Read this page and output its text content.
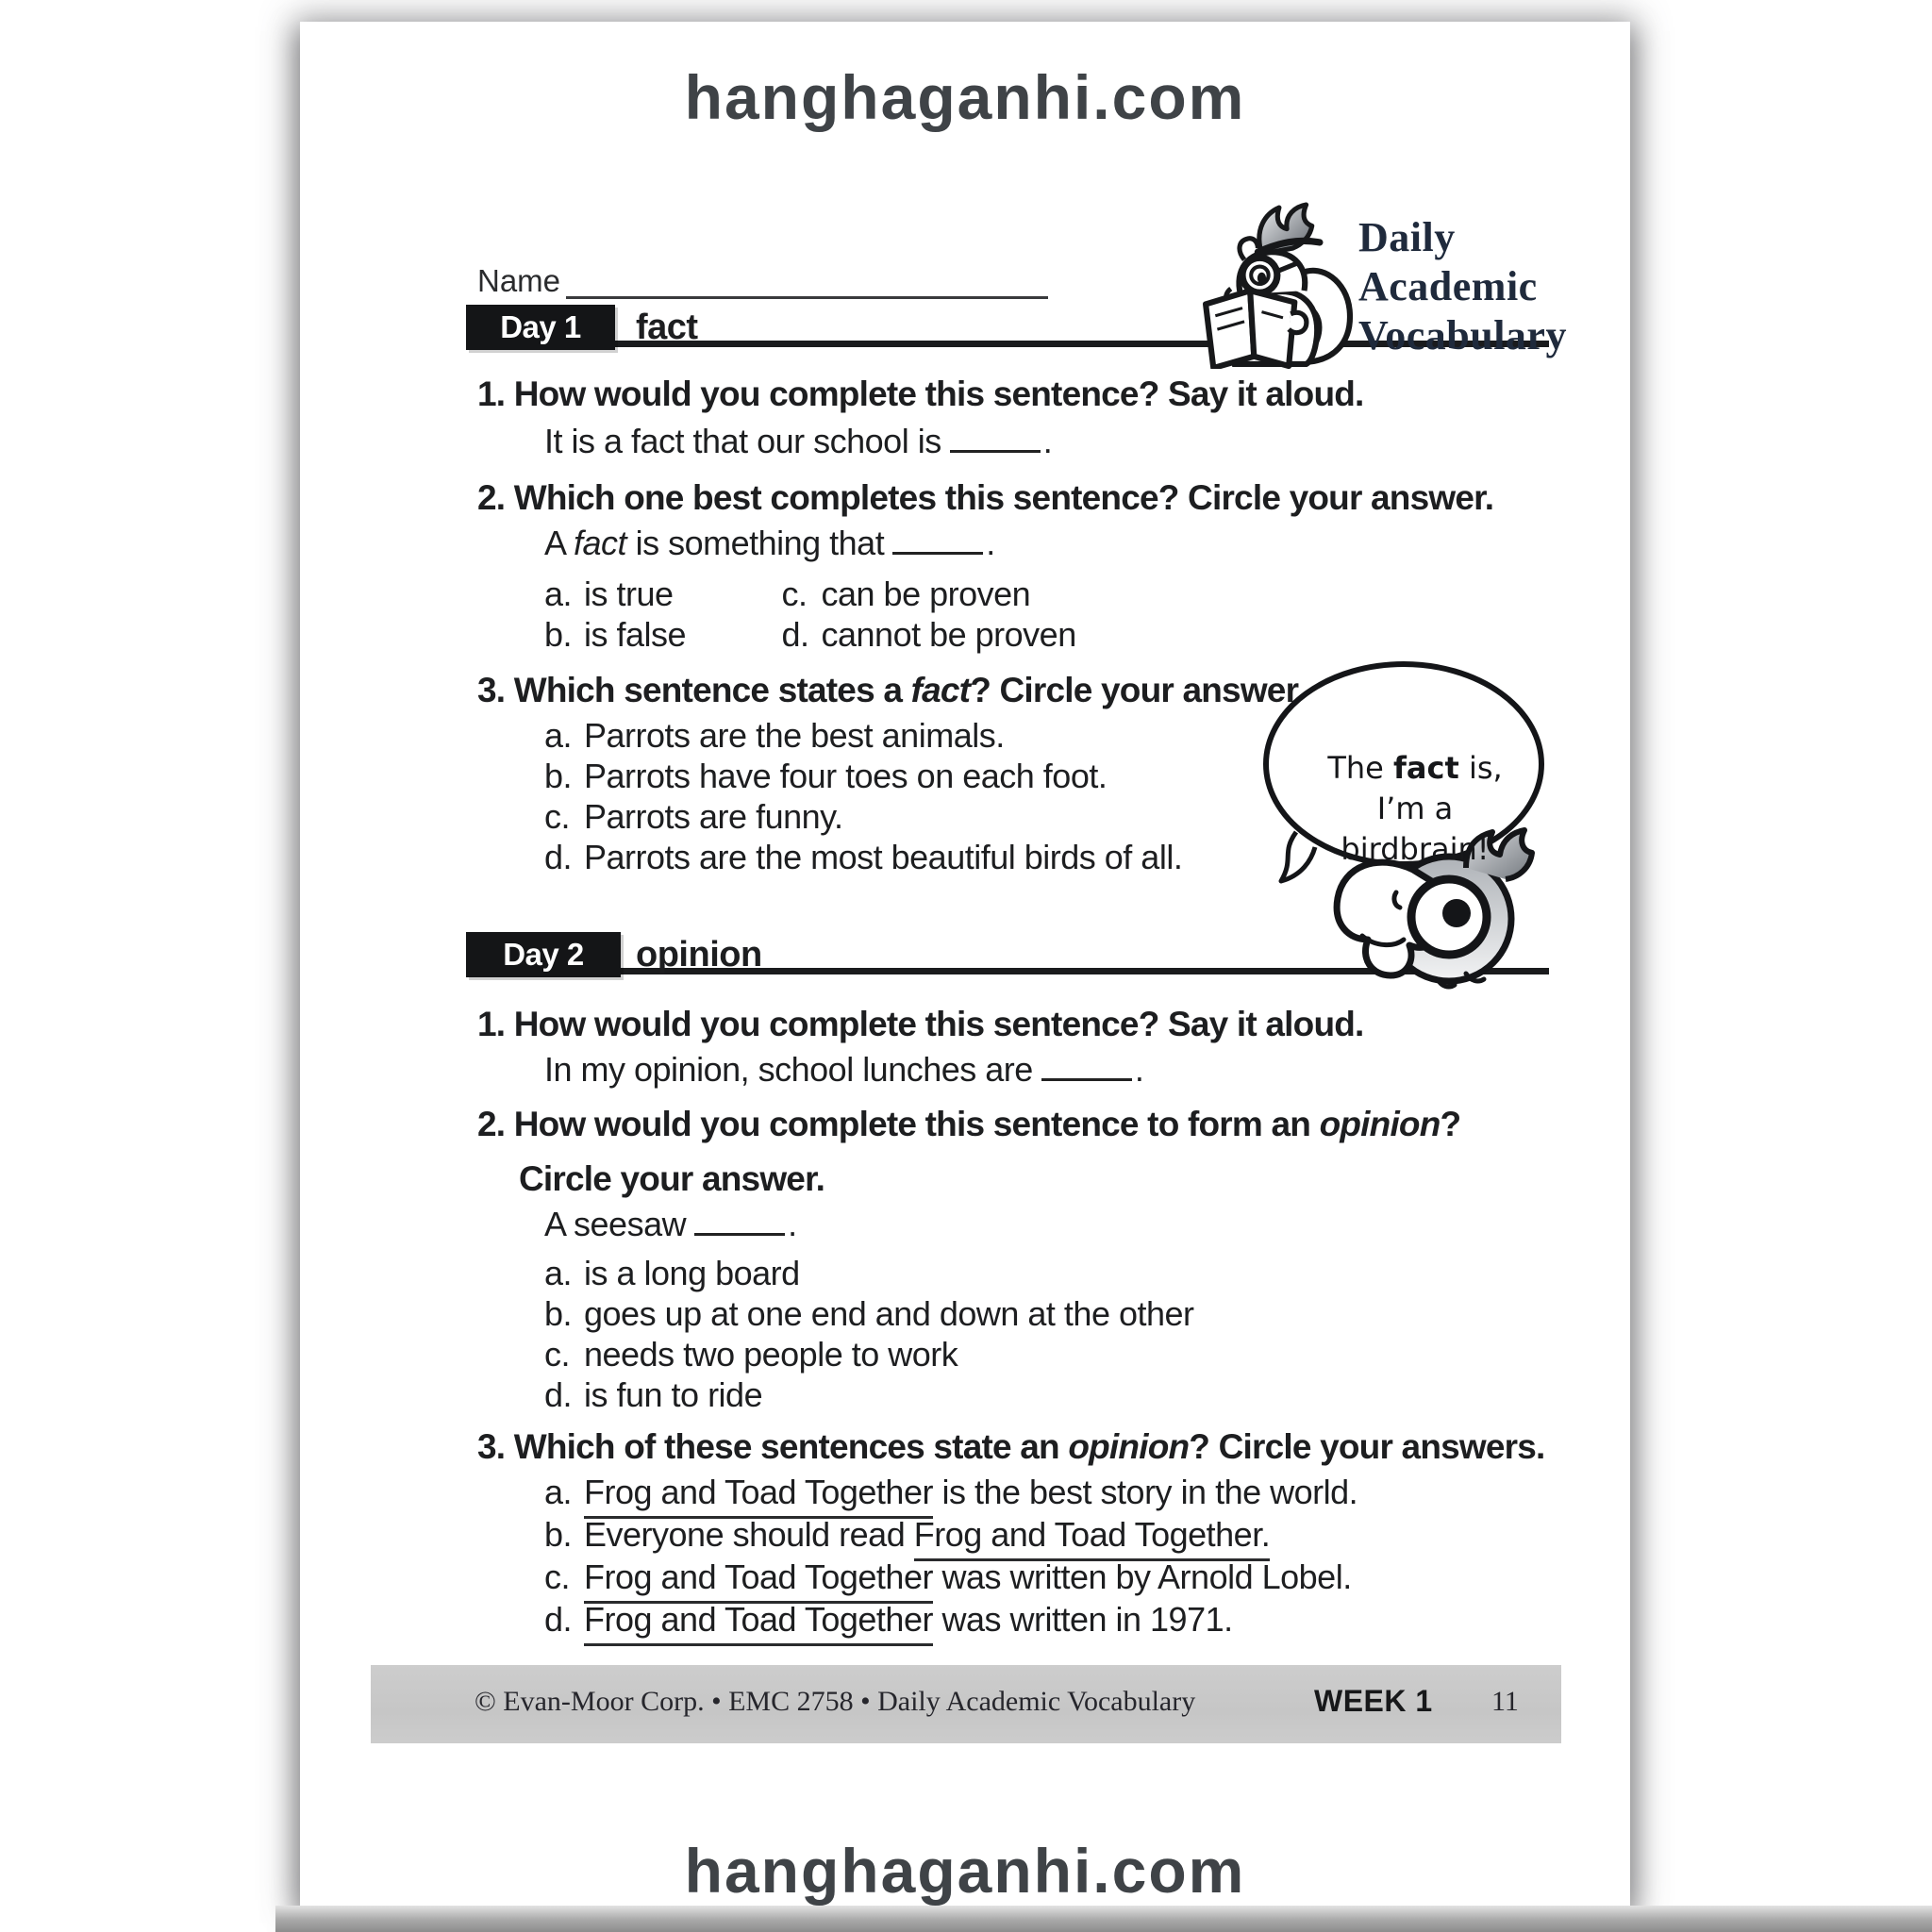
hanghaganhi.com
Name
Daily
Academic
Vocabulary
Day 1 fact
1. How would you complete this sentence? Say it aloud.
It is a fact that our school is	.
2. Which one best completes this sentence? Circle your answer.
A fact is something that	.
a. is true	c. can be proven
b. is false	d. cannot be proven
3. Which sentence states a fact? Circle your answer.
a. Parrots are the best animals.
b. Parrots have four toes on each foot.
c. Parrots are funny.
d. Parrots are the most beautiful birds of all.
The fact is,
I’m a birdbrain!
Day 2 opinion
1. How would you complete this sentence? Say it aloud.
In my opinion, school lunches are	.
2. How would you complete this sentence to form an opinion?
Circle your answer.
A seesaw	.
a. is a long board
b. goes up at one end and down at the other
c. needs two people to work
d. is fun to ride
3. Which of these sentences state an opinion? Circle your answers.
a. Frog and Toad Together is the best story in the world.
b. Everyone should read Frog and Toad Together.
c. Frog and Toad Together was written by Arnold Lobel.
d. Frog and Toad Together was written in 1971.
© Evan-Moor Corp. • EMC 2758 • Daily Academic Vocabulary	WEEK 1 11
hanghaganhi.com
